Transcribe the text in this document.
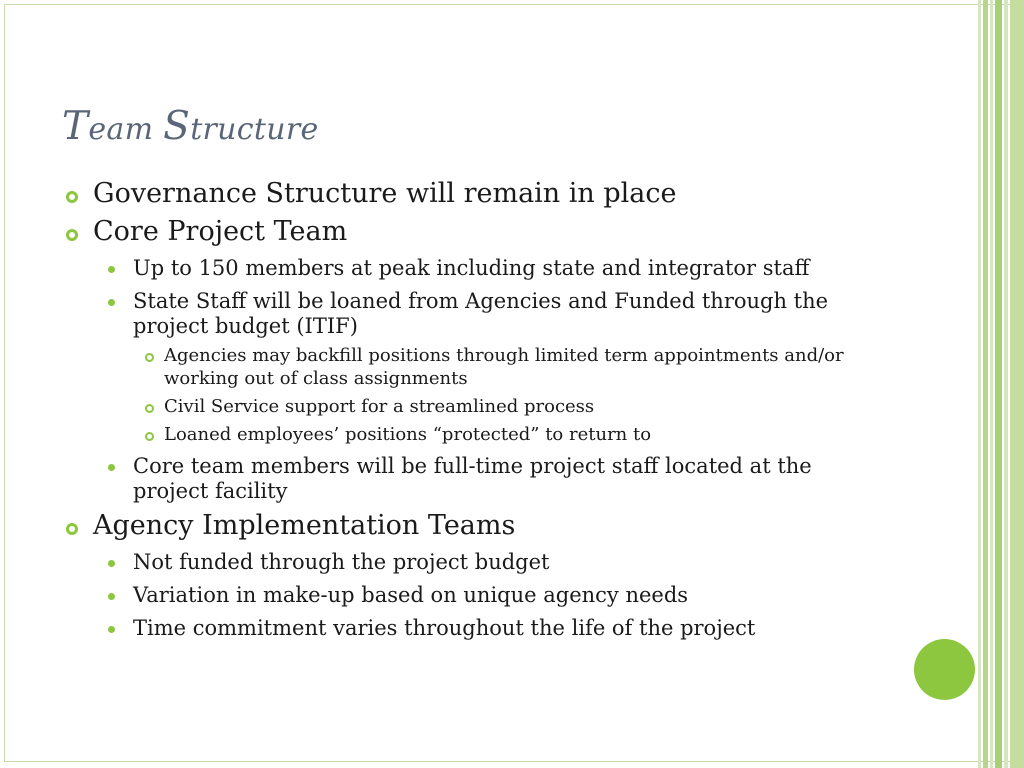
Team Structure
Governance Structure will remain in place
Core Project Team
Up to 150 members at peak including state and integrator staff
State Staff will be loaned from Agencies and Funded through the project budget (ITIF)
Agencies may backfill positions through limited term appointments and/or working out of class assignments
Civil Service support for a streamlined process
Loaned employees’ positions “protected” to return to
Core team members will be full-time project staff located at the project facility
Agency Implementation Teams
Not funded through the project budget
Variation in make-up based on unique agency needs
Time commitment varies throughout the life of the project
